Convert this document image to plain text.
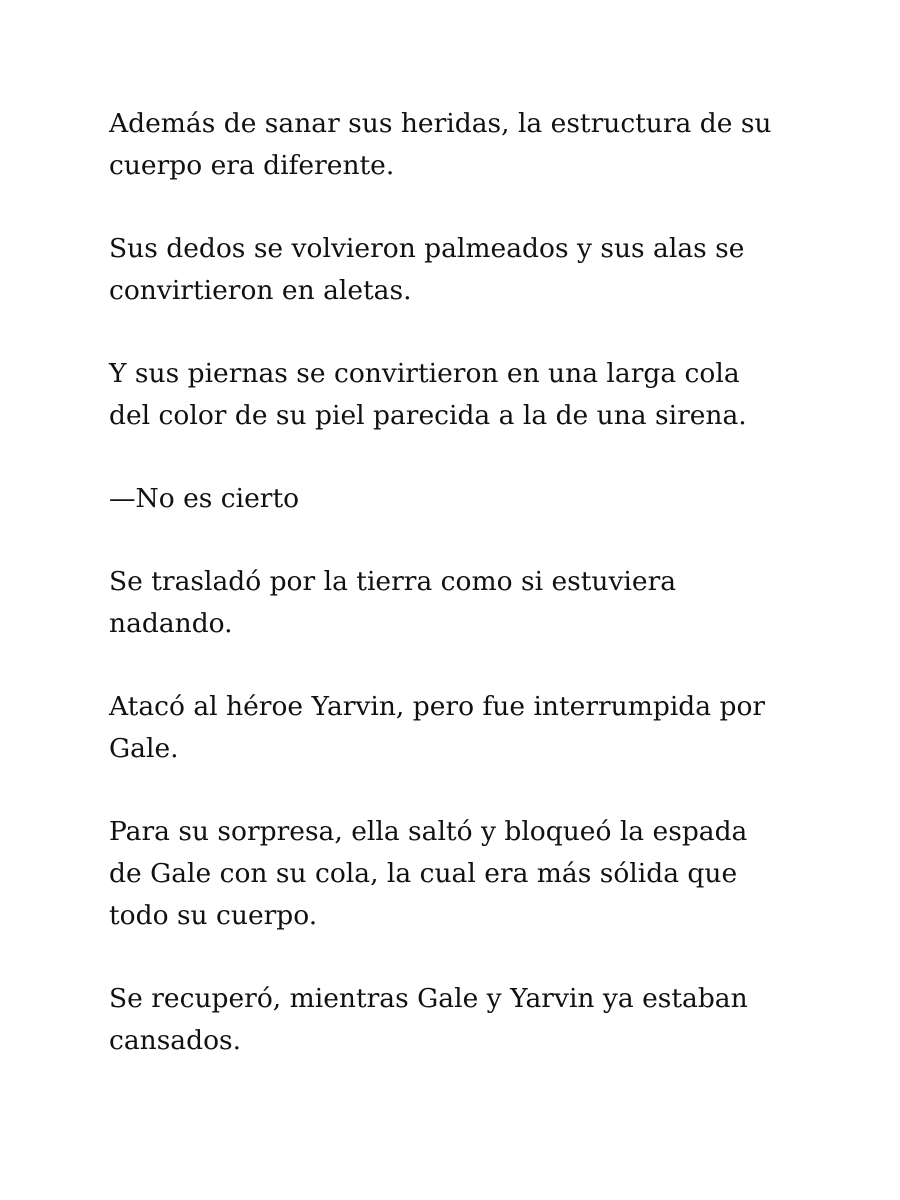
Además de sanar sus heridas, la estructura de su
cuerpo era diferente.

Sus dedos se volvieron palmeados y sus alas se
convirtieron en aletas.

Y sus piernas se convirtieron en una larga cola
del color de su piel parecida a la de una sirena.

—No es cierto

Se trasladó por la tierra como si estuviera
nadando.

Atacó al héroe Yarvin, pero fue interrumpida por
Gale.

Para su sorpresa, ella saltó y bloqueó la espada
de Gale con su cola, la cual era más sólida que
todo su cuerpo.

Se recuperó, mientras Gale y Yarvin ya estaban
cansados.
